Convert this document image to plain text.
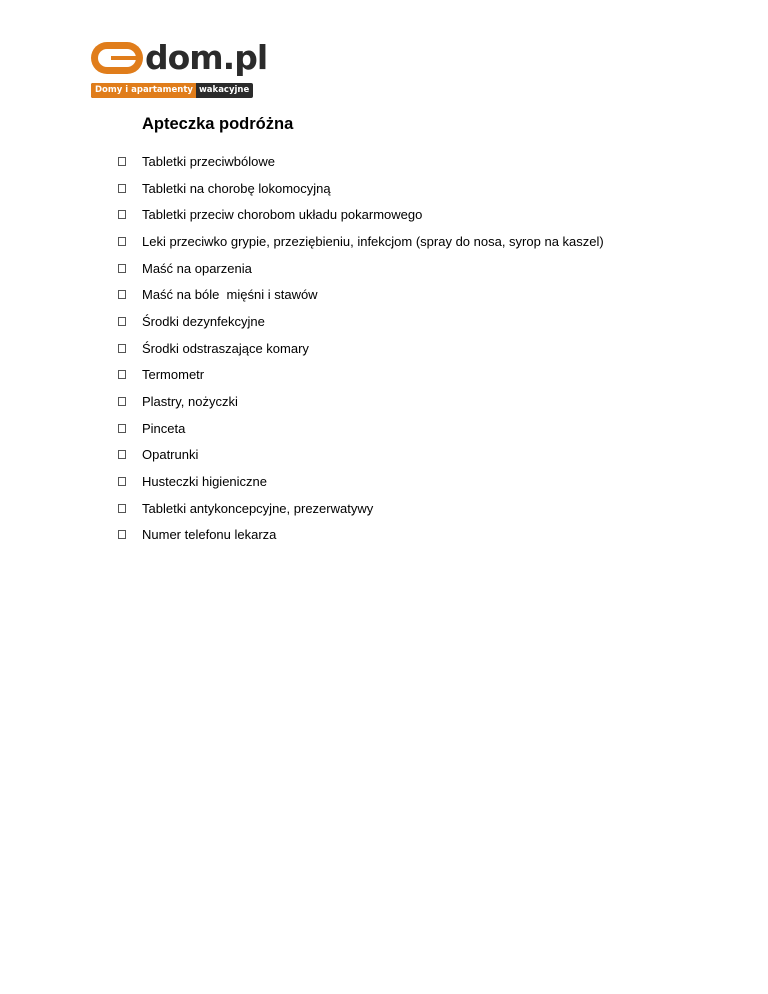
dom.pl
Domy i apartamenty wakacyjne
Apteczka podróżna
Tabletki przeciwbólowe
Tabletki na chorobę lokomocyjną
Tabletki przeciw chorobom układu pokarmowego
Leki przeciwko grypie, przeziębieniu, infekcjom (spray do nosa, syrop na kaszel)
Maść na oparzenia
Maść na bóle  mięśni i stawów
Środki dezynfekcyjne
Środki odstraszające komary
Termometr
Plastry, nożyczki
Pinceta
Opatrunki
Husteczki higieniczne
Tabletki antykoncepcyjne, prezerwatywy
Numer telefonu lekarza
